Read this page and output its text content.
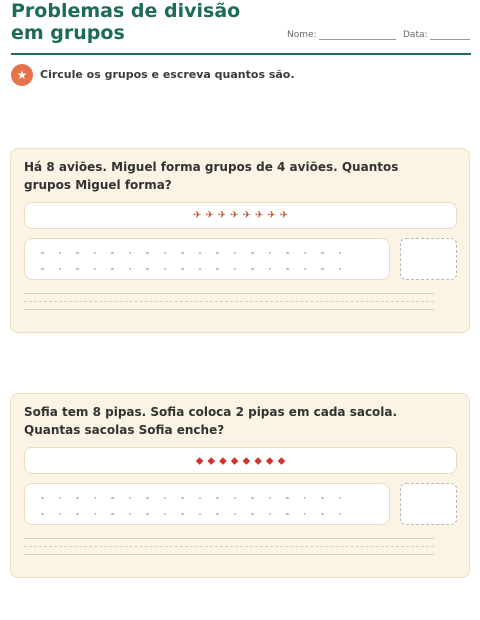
Problemas de divisão em grupos	Nome:	Data:
★	Circule os grupos e escreva quantos são.
Há 8 aviões. Miguel forma grupos de 4 aviões. Quantos grupos Miguel forma?
✈ ✈ ✈ ✈ ✈ ✈ ✈ ✈
Sofia tem 8 pipas. Sofia coloca 2 pipas em cada sacola. Quantas sacolas Sofia enche?
⬥ ⬥ ⬥ ⬥ ⬥ ⬥ ⬥ ⬥
